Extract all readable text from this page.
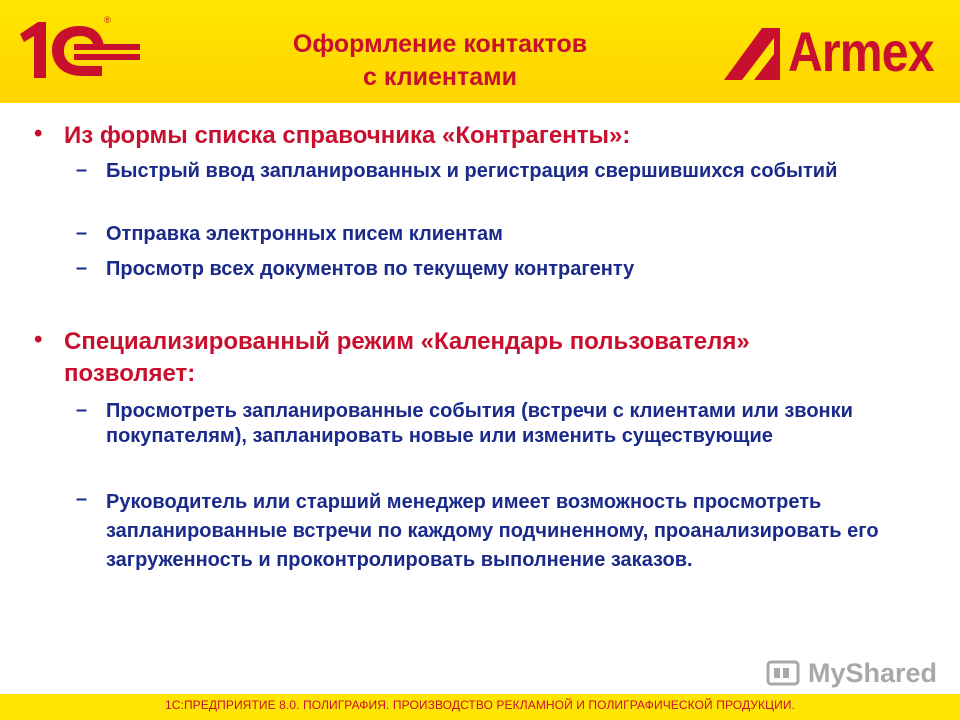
®
Оформление контактов
с клиентами	Armex
• Из формы списка справочника «Контрагенты»:
– Быстрый ввод запланированных и регистрация свершившихся событий
– Отправка электронных писем клиентам
– Просмотр всех документов по текущему контрагенту
• Специализированный режим «Календарь пользователя» позволяет:
– Просмотреть запланированные события (встречи с клиентами или звонки покупателям), запланировать новые или изменить существующие
– Руководитель или старший менеджер имеет возможность просмотреть запланированные встречи по каждому подчиненному, проанализировать его загруженность и проконтролировать выполнение заказов.
MyShared
1С:ПРЕДПРИЯТИЕ 8.0. ПОЛИГРАФИЯ. ПРОИЗВОДСТВО РЕКЛАМНОЙ И ПОЛИГРАФИЧЕСКОЙ ПРОДУКЦИИ.
